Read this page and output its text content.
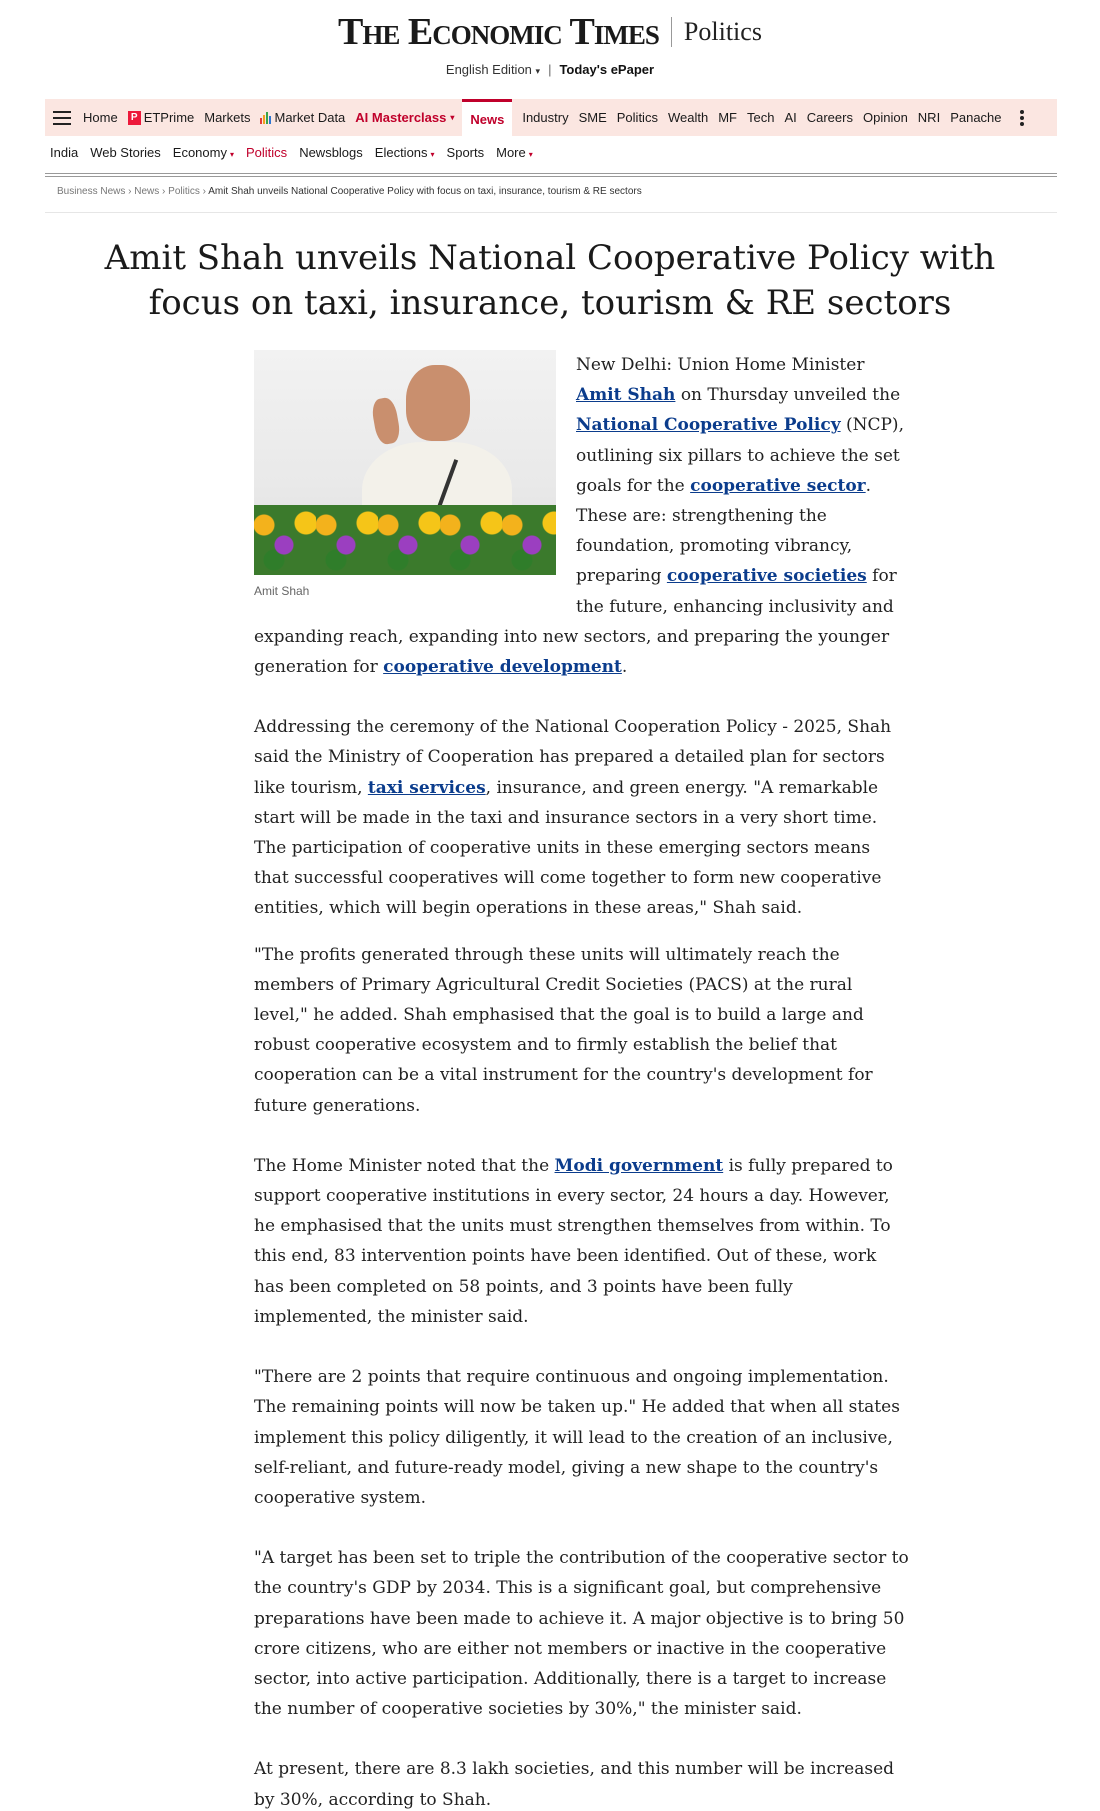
The Economic Times Politics
English Edition ▾ | Today's ePaper
Home	P ETPrime Markets Market Data AI Masterclass ▾	News	Industry SME Politics Wealth MF Tech AI Careers Opinion NRI Panache
India Web Stories Economy ▾ Politics Newsblogs Elections ▾ Sports More ▾
Business News › News › Politics › Amit Shah unveils National Cooperative Policy with focus on taxi, insurance, tourism & RE sectors
Amit Shah unveils National Cooperative Policy with focus on taxi, insurance, tourism & RE sectors
Amit Shah

New Delhi: Union Home Minister Amit Shah on Thursday unveiled the National Cooperative Policy (NCP), outlining six pillars to achieve the set goals for the cooperative sector. These are: strengthening the foundation, promoting vibrancy, preparing cooperative societies for the future, enhancing inclusivity and expanding reach, expanding into new sectors, and preparing the younger generation for cooperative development.

Addressing the ceremony of the National Cooperation Policy - 2025, Shah said the Ministry of Cooperation has prepared a detailed plan for sectors like tourism, taxi services, insurance, and green energy. "A remarkable start will be made in the taxi and insurance sectors in a very short time. The participation of cooperative units in these emerging sectors means that successful cooperatives will come together to form new cooperative entities, which will begin operations in these areas," Shah said.

"The profits generated through these units will ultimately reach the members of Primary Agricultural Credit Societies (PACS) at the rural level," he added. Shah emphasised that the goal is to build a large and robust cooperative ecosystem and to firmly establish the belief that cooperation can be a vital instrument for the country's development for future generations.

The Home Minister noted that the Modi government is fully prepared to support cooperative institutions in every sector, 24 hours a day. However, he emphasised that the units must strengthen themselves from within. To this end, 83 intervention points have been identified. Out of these, work has been completed on 58 points, and 3 points have been fully implemented, the minister said.

"There are 2 points that require continuous and ongoing implementation. The remaining points will now be taken up." He added that when all states implement this policy diligently, it will lead to the creation of an inclusive, self-reliant, and future-ready model, giving a new shape to the country's cooperative system.

"A target has been set to triple the contribution of the cooperative sector to the country's GDP by 2034. This is a significant goal, but comprehensive preparations have been made to achieve it. A major objective is to bring 50 crore citizens, who are either not members or inactive in the cooperative sector, into active participation. Additionally, there is a target to increase the number of cooperative societies by 30%," the minister said.

At present, there are 8.3 lakh societies, and this number will be increased by 30%, according to Shah.
